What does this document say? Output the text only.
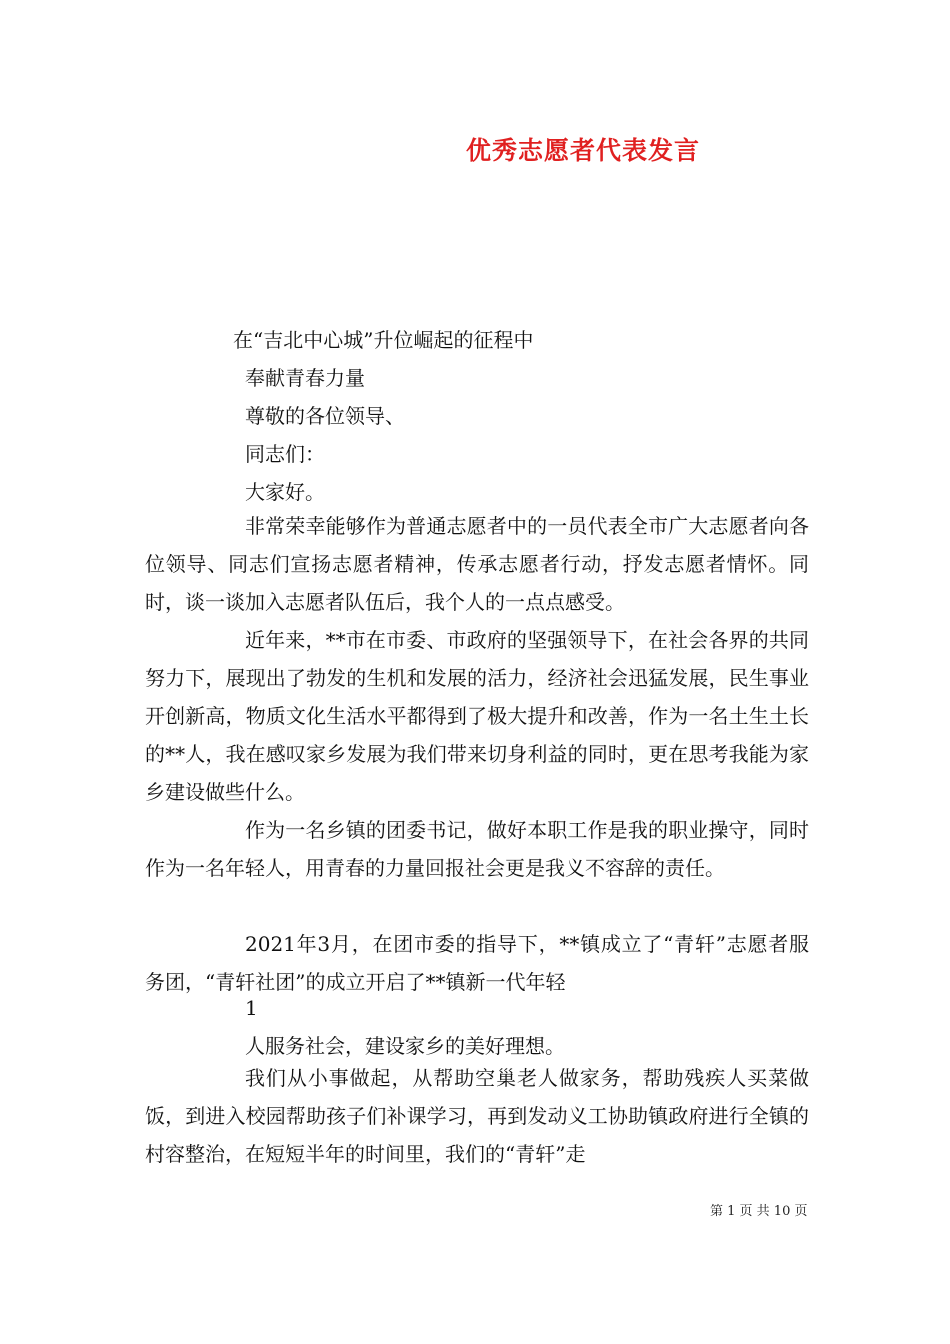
优秀志愿者代表发言
在“吉北中心城”升位崛起的征程中
奉献青春力量
尊敬的各位领导、
同志们：
大家好。

非常荣幸能够作为普通志愿者中的一员代表全市广大志愿者向各位领导、同志们宣扬志愿者精神，传承志愿者行动，抒发志愿者情怀。同时，谈一谈加入志愿者队伍后，我个人的一点点感受。

近年来，**市在市委、市政府的坚强领导下，在社会各界的共同努力下，展现出了勃发的生机和发展的活力，经济社会迅猛发展，民生事业开创新高，物质文化生活水平都得到了极大提升和改善，作为一名土生土长的**人，我在感叹家乡发展为我们带来切身利益的同时，更在思考我能为家乡建设做些什么。

作为一名乡镇的团委书记，做好本职工作是我的职业操守，同时作为一名年轻人，用青春的力量回报社会更是我义不容辞的责任。

2021年3月，在团市委的指导下，**镇成立了“青轩”志愿者服务团，“青轩社团”的成立开启了**镇新一代年轻

1
人服务社会，建设家乡的美好理想。

我们从小事做起，从帮助空巢老人做家务，帮助残疾人买菜做饭，到进入校园帮助孩子们补课学习，再到发动义工协助镇政府进行全镇的村容整治，在短短半年的时间里，我们的“青轩”走

第 1 页 共 10 页
